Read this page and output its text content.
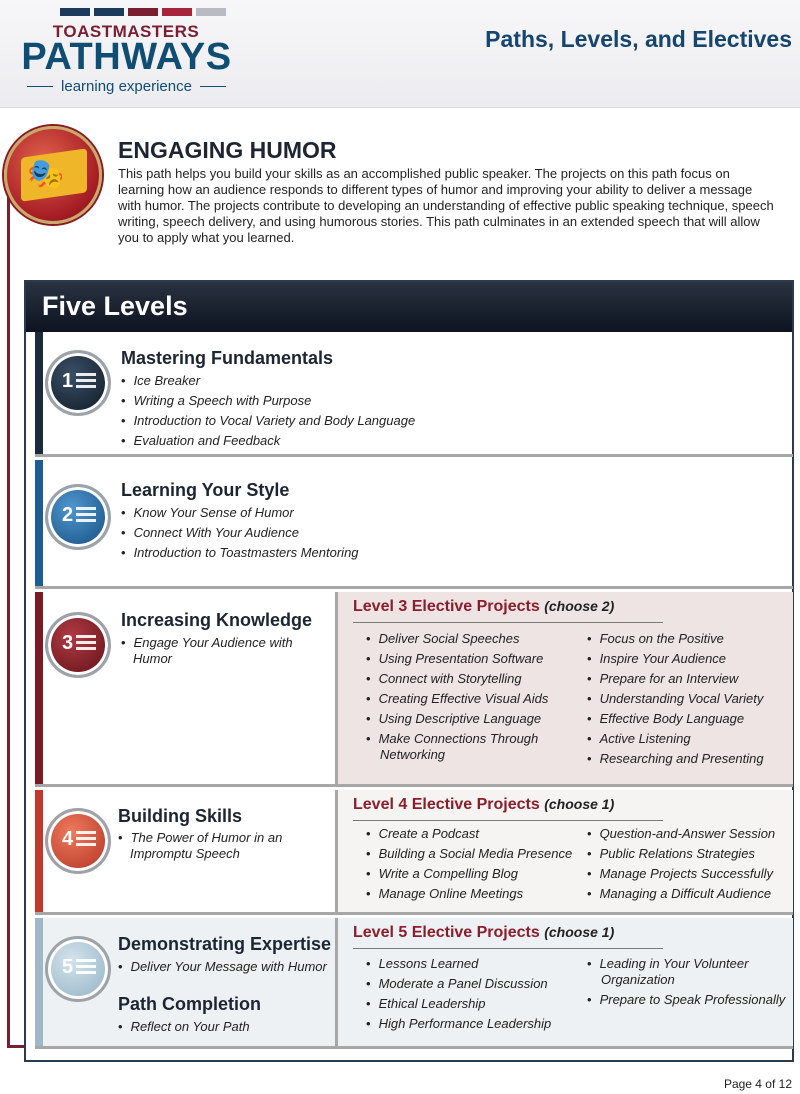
TOASTMASTERS
PATHWAYS
learning experience
Paths, Levels, and Electives
🎭
ENGAGING HUMOR
This path helps you build your skills as an accomplished public speaker. The projects on this path focus on learning how an audience responds to different types of humor and improving your ability to deliver a message with humor. The projects contribute to developing an understanding of effective public speaking technique, speech writing, speech delivery, and using humorous stories. This path culminates in an extended speech that will allow you to apply what you learned.
Five Levels
1
Mastering Fundamentals
• Ice Breaker
• Writing a Speech with Purpose
• Introduction to Vocal Variety and Body Language
• Evaluation and Feedback
2
Learning Your Style
• Know Your Sense of Humor
• Connect With Your Audience
• Introduction to Toastmasters Mentoring
3
Increasing Knowledge
• Engage Your Audience with Humor
Level 3 Elective Projects (choose 2)
• Deliver Social Speeches
• Using Presentation Software
• Connect with Storytelling
• Creating Effective Visual Aids
• Using Descriptive Language
• Make Connections Through Networking
• Focus on the Positive
• Inspire Your Audience
• Prepare for an Interview
• Understanding Vocal Variety
• Effective Body Language
• Active Listening
• Researching and Presenting
4
Building Skills
• The Power of Humor in an Impromptu Speech
Level 4 Elective Projects (choose 1)
• Create a Podcast
• Building a Social Media Presence
• Write a Compelling Blog
• Manage Online Meetings
• Question-and-Answer Session
• Public Relations Strategies
• Manage Projects Successfully
• Managing a Difficult Audience
5
Demonstrating Expertise
• Deliver Your Message with Humor
Path Completion
• Reflect on Your Path
Level 5 Elective Projects (choose 1)
• Lessons Learned
• Moderate a Panel Discussion
• Ethical Leadership
• High Performance Leadership
• Leading in Your Volunteer Organization
• Prepare to Speak Professionally
Page 4 of 12
